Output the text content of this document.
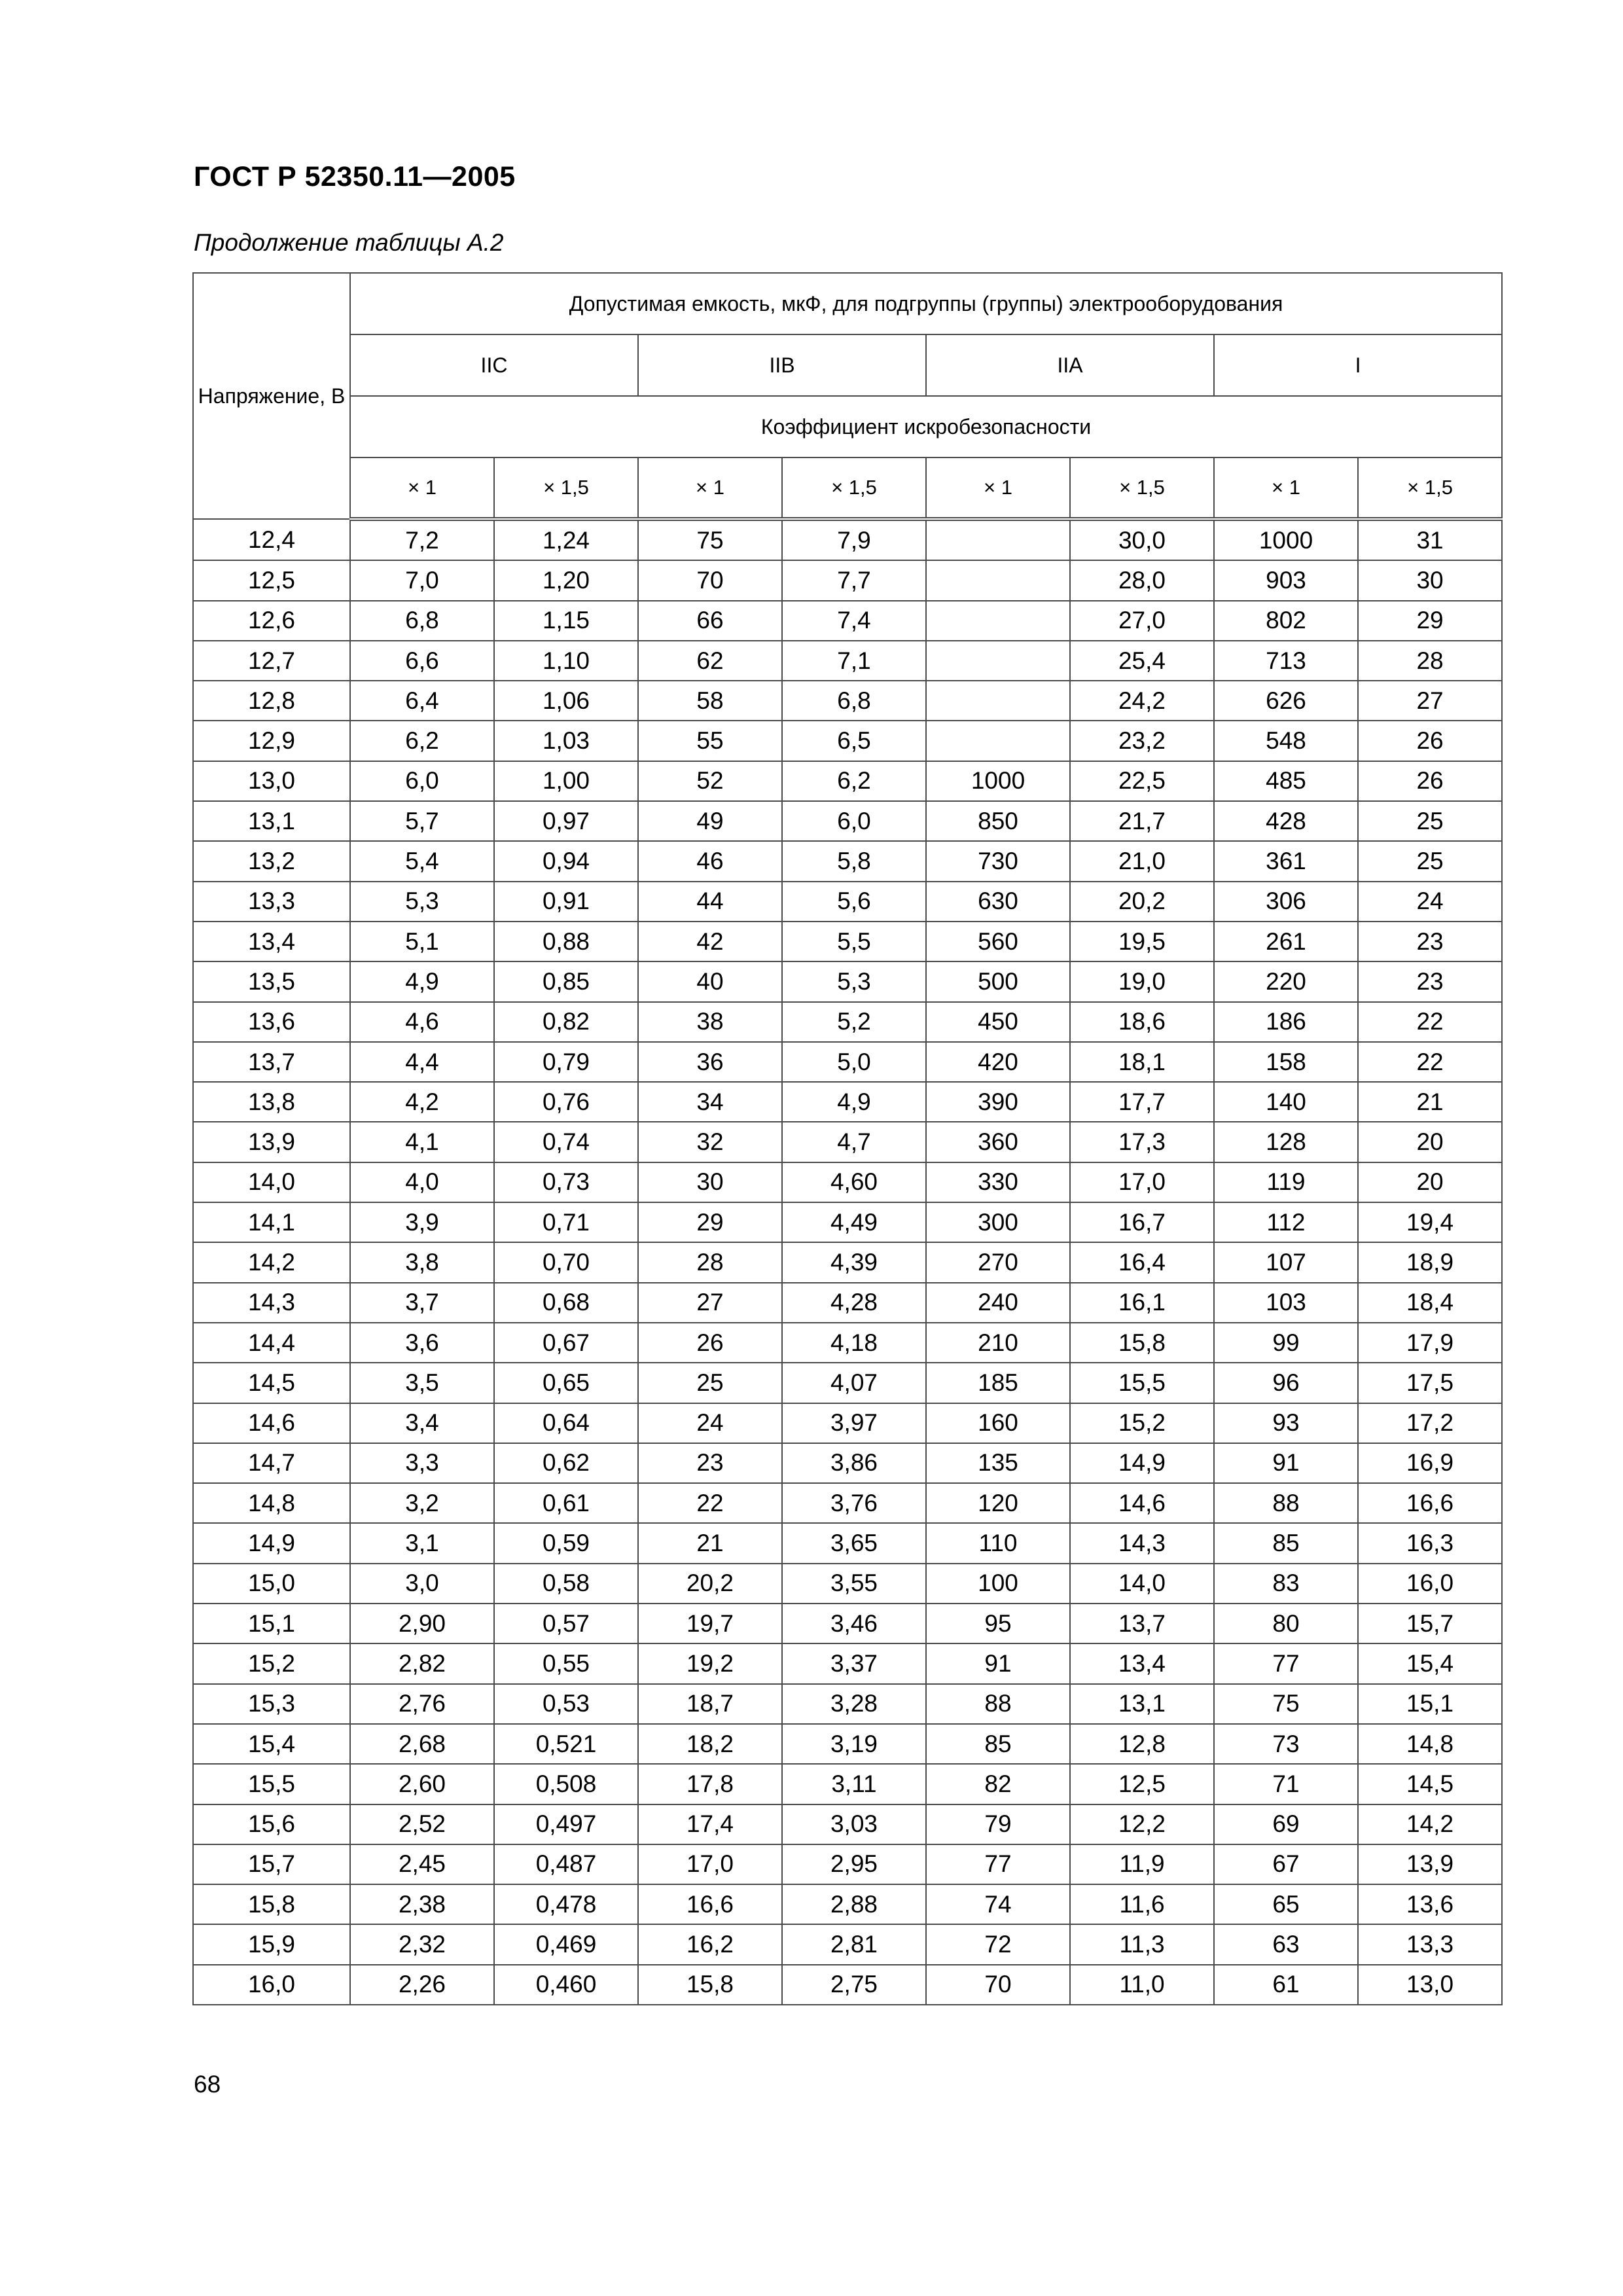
ГОСТ Р 52350.11—2005
Продолжение таблицы А.2
Напряжение, В	Допустимая емкость, мкФ, для подгруппы (группы) электрооборудования							
	IIC		IIB		IIA		I	
	Коэффициент искробезопасности							
	× 1	× 1,5	× 1	× 1,5	× 1	× 1,5	× 1	× 1,5
12,4	7,2	1,24	75	7,9		30,0	1000	31
12,5	7,0	1,20	70	7,7		28,0	903	30
12,6	6,8	1,15	66	7,4		27,0	802	29
12,7	6,6	1,10	62	7,1		25,4	713	28
12,8	6,4	1,06	58	6,8		24,2	626	27
12,9	6,2	1,03	55	6,5		23,2	548	26
13,0	6,0	1,00	52	6,2	1000	22,5	485	26
13,1	5,7	0,97	49	6,0	850	21,7	428	25
13,2	5,4	0,94	46	5,8	730	21,0	361	25
13,3	5,3	0,91	44	5,6	630	20,2	306	24
13,4	5,1	0,88	42	5,5	560	19,5	261	23
13,5	4,9	0,85	40	5,3	500	19,0	220	23
13,6	4,6	0,82	38	5,2	450	18,6	186	22
13,7	4,4	0,79	36	5,0	420	18,1	158	22
13,8	4,2	0,76	34	4,9	390	17,7	140	21
13,9	4,1	0,74	32	4,7	360	17,3	128	20
14,0	4,0	0,73	30	4,60	330	17,0	119	20
14,1	3,9	0,71	29	4,49	300	16,7	112	19,4
14,2	3,8	0,70	28	4,39	270	16,4	107	18,9
14,3	3,7	0,68	27	4,28	240	16,1	103	18,4
14,4	3,6	0,67	26	4,18	210	15,8	99	17,9
14,5	3,5	0,65	25	4,07	185	15,5	96	17,5
14,6	3,4	0,64	24	3,97	160	15,2	93	17,2
14,7	3,3	0,62	23	3,86	135	14,9	91	16,9
14,8	3,2	0,61	22	3,76	120	14,6	88	16,6
14,9	3,1	0,59	21	3,65	110	14,3	85	16,3
15,0	3,0	0,58	20,2	3,55	100	14,0	83	16,0
15,1	2,90	0,57	19,7	3,46	95	13,7	80	15,7
15,2	2,82	0,55	19,2	3,37	91	13,4	77	15,4
15,3	2,76	0,53	18,7	3,28	88	13,1	75	15,1
15,4	2,68	0,521	18,2	3,19	85	12,8	73	14,8
15,5	2,60	0,508	17,8	3,11	82	12,5	71	14,5
15,6	2,52	0,497	17,4	3,03	79	12,2	69	14,2
15,7	2,45	0,487	17,0	2,95	77	11,9	67	13,9
15,8	2,38	0,478	16,6	2,88	74	11,6	65	13,6
15,9	2,32	0,469	16,2	2,81	72	11,3	63	13,3
16,0	2,26	0,460	15,8	2,75	70	11,0	61	13,0
68
